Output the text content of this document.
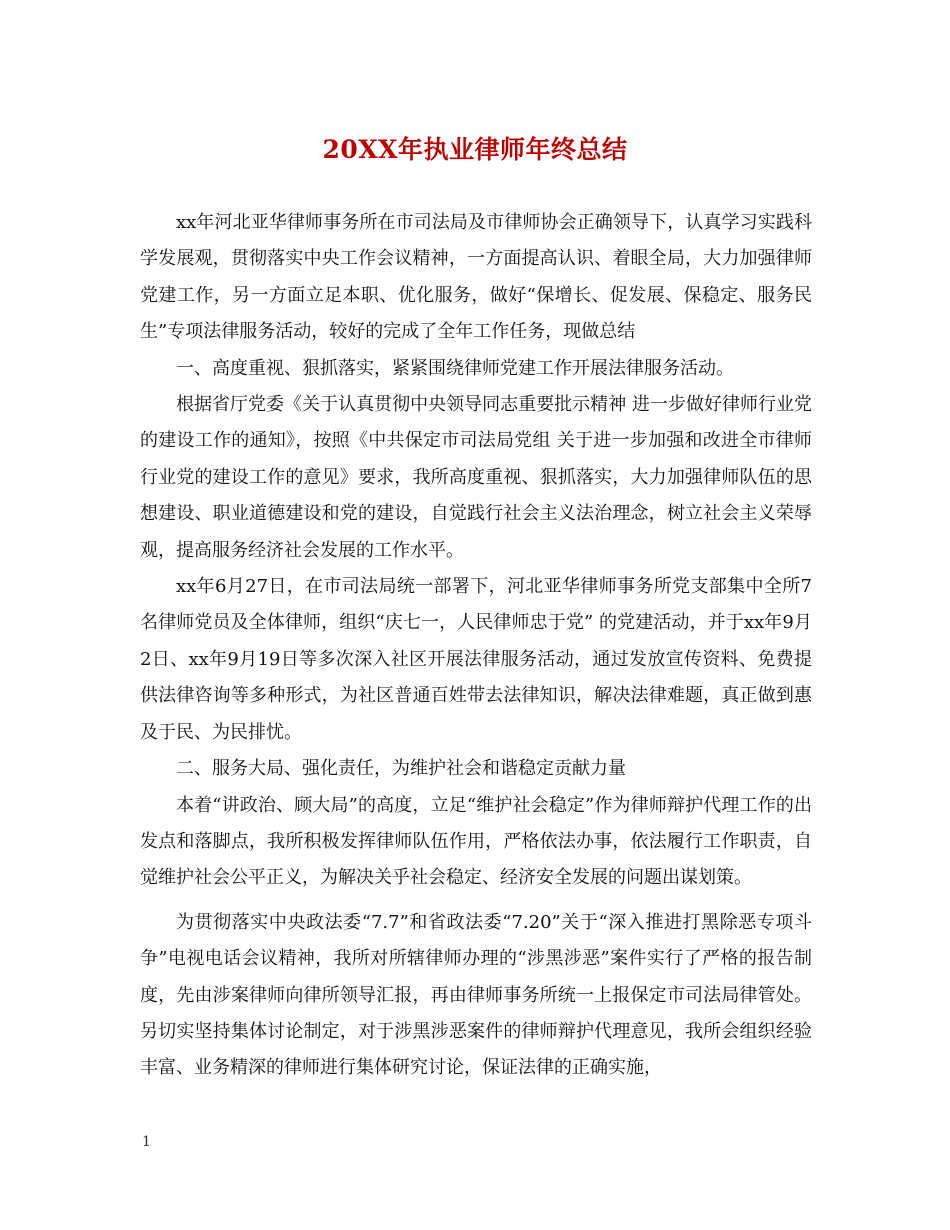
20XX年执业律师年终总结

xx年河北亚华律师事务所在市司法局及市律师协会正确领导下，认真学习实践科学发展观，贯彻落实中央工作会议精神，一方面提高认识、着眼全局，大力加强律师党建工作，另一方面立足本职、优化服务，做好“保增长、促发展、保稳定、服务民生”专项法律服务活动，较好的完成了全年工作任务，现做总结

一、高度重视、狠抓落实，紧紧围绕律师党建工作开展法律服务活动。

根据省厅党委《关于认真贯彻中央领导同志重要批示精神 进一步做好律师行业党的建设工作的通知》，按照《中共保定市司法局党组 关于进一步加强和改进全市律师行业党的建设工作的意见》要求，我所高度重视、狠抓落实，大力加强律师队伍的思想建设、职业道德建设和党的建设，自觉践行社会主义法治理念，树立社会主义荣辱观，提高服务经济社会发展的工作水平。

xx年6月27日，在市司法局统一部署下，河北亚华律师事务所党支部集中全所7名律师党员及全体律师，组织“庆七一，人民律师忠于党” 的党建活动，并于xx年9月2日、xx年9月19日等多次深入社区开展法律服务活动，通过发放宣传资料、免费提供法律咨询等多种形式，为社区普通百姓带去法律知识，解决法律难题，真正做到惠及于民、为民排忧。

二、服务大局、强化责任，为维护社会和谐稳定贡献力量

本着“讲政治、顾大局”的高度，立足“维护社会稳定”作为律师辩护代理工作的出发点和落脚点，我所积极发挥律师队伍作用，严格依法办事，依法履行工作职责，自觉维护社会公平正义，为解决关乎社会稳定、经济安全发展的问题出谋划策。

为贯彻落实中央政法委“7.7”和省政法委“7.20”关于“深入推进打黑除恶专项斗争”电视电话会议精神，我所对所辖律师办理的“涉黑涉恶”案件实行了严格的报告制度，先由涉案律师向律所领导汇报，再由律师事务所统一上报保定市司法局律管处。另切实坚持集体讨论制定，对于涉黑涉恶案件的律师辩护代理意见，我所会组织经验丰富、业务精深的律师进行集体研究讨论，保证法律的正确实施，

1
